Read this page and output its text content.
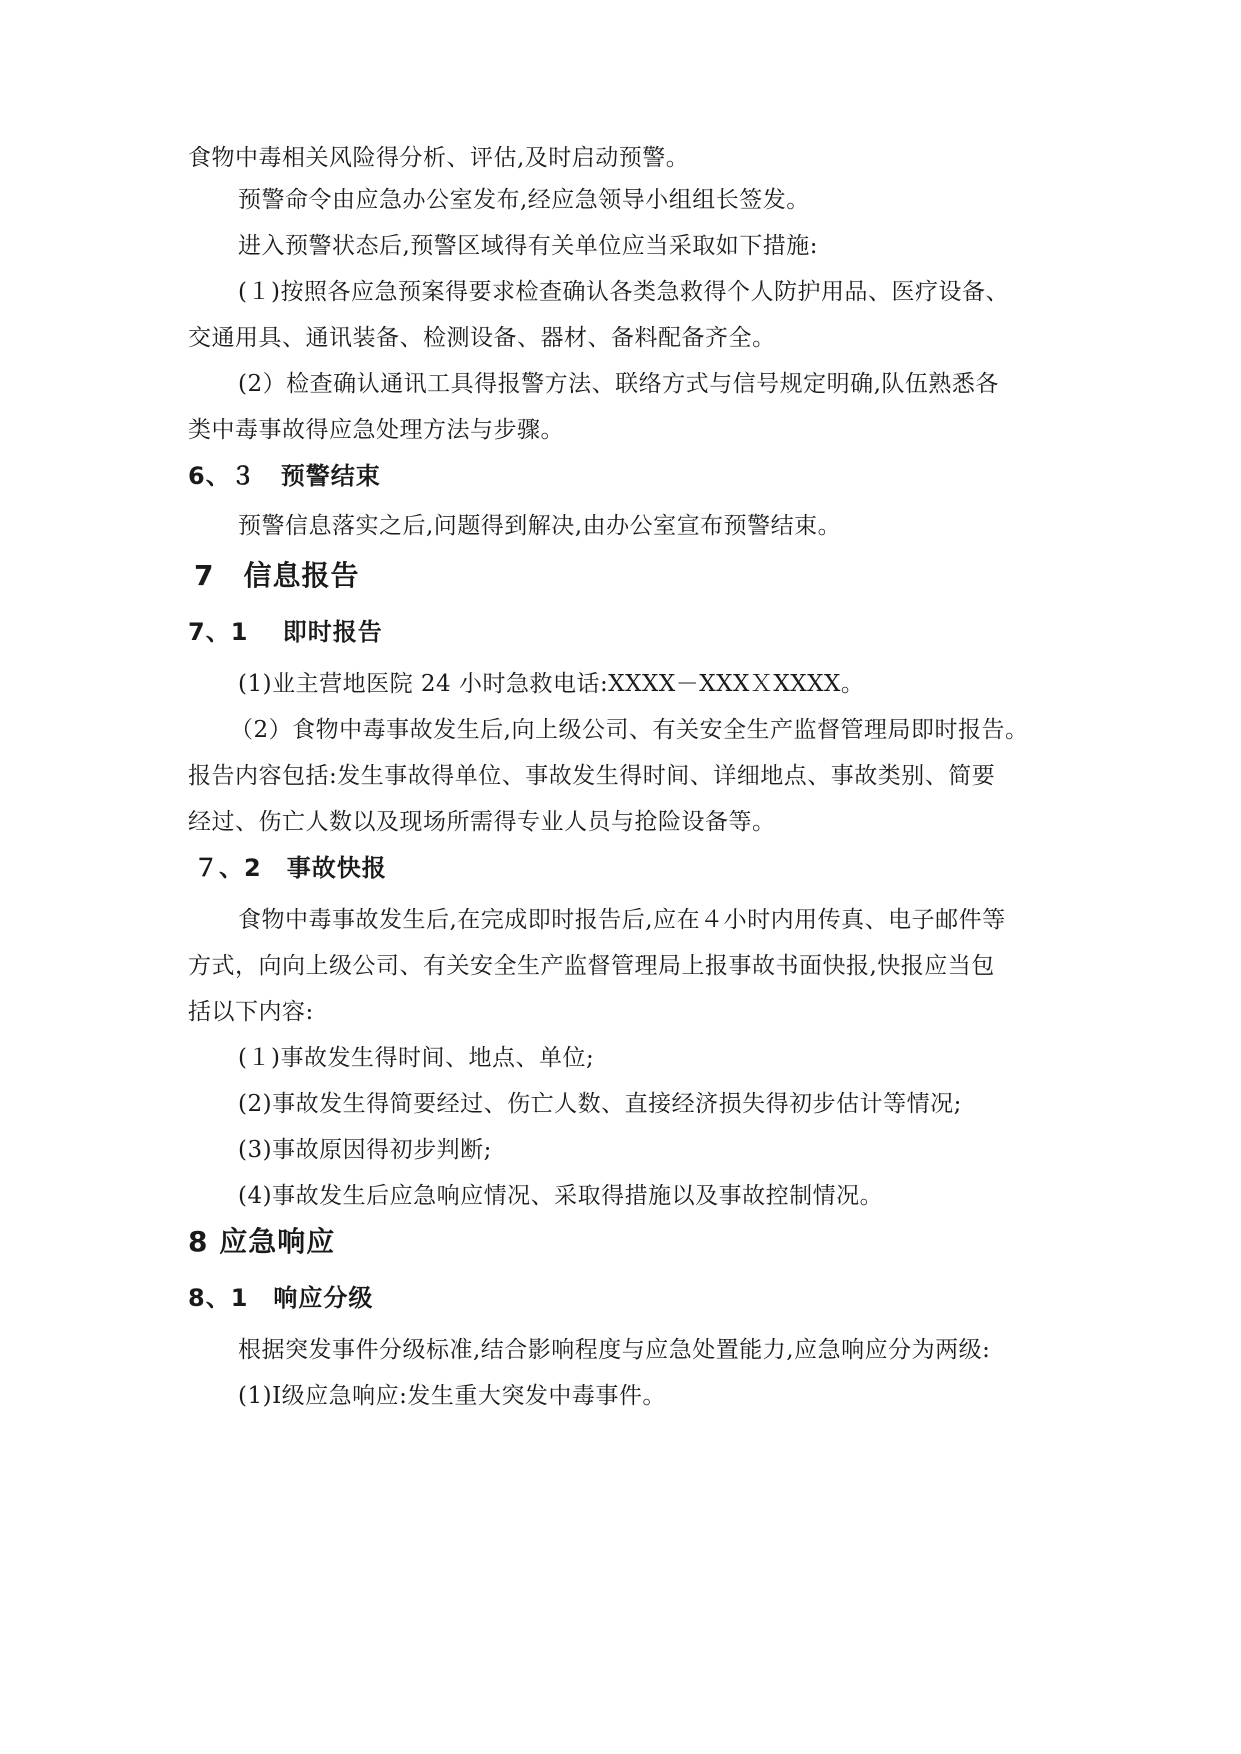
食物中毒相关风险得分析、评估,及时启动预警。
预警命令由应急办公室发布,经应急领导小组组长签发。
进入预警状态后,预警区域得有关单位应当采取如下措施:
(１)按照各应急预案得要求检查确认各类急救得个人防护用品、医疗设备、
交通用具、通讯装备、检测设备、器材、备料配备齐全。
(2）检查确认通讯工具得报警方法、联络方式与信号规定明确,队伍熟悉各
类中毒事故得应急处理方法与步骤。
6、３　预警结束
预警信息落实之后,问题得到解决,由办公室宣布预警结束。
7　信息报告
7、1　 即时报告
(1)业主营地医院 24 小时急救电话:XXXX－XXXＸXXXX。
（2）食物中毒事故发生后,向上级公司、有关安全生产监督管理局即时报告。
报告内容包括:发生事故得单位、事故发生得时间、详细地点、事故类别、简要
经过、伤亡人数以及现场所需得专业人员与抢险设备等。
７、2　事故快报
食物中毒事故发生后,在完成即时报告后,应在４小时内用传真、电子邮件等
方式，向向上级公司、有关安全生产监督管理局上报事故书面快报,快报应当包
括以下内容:
(１)事故发生得时间、地点、单位;
(2)事故发生得简要经过、伤亡人数、直接经济损失得初步估计等情况;
(3)事故原因得初步判断;
(4)事故发生后应急响应情况、采取得措施以及事故控制情况。
8 应急响应
8、1　响应分级
根据突发事件分级标准,结合影响程度与应急处置能力,应急响应分为两级:
(1)Ⅰ级应急响应:发生重大突发中毒事件。
